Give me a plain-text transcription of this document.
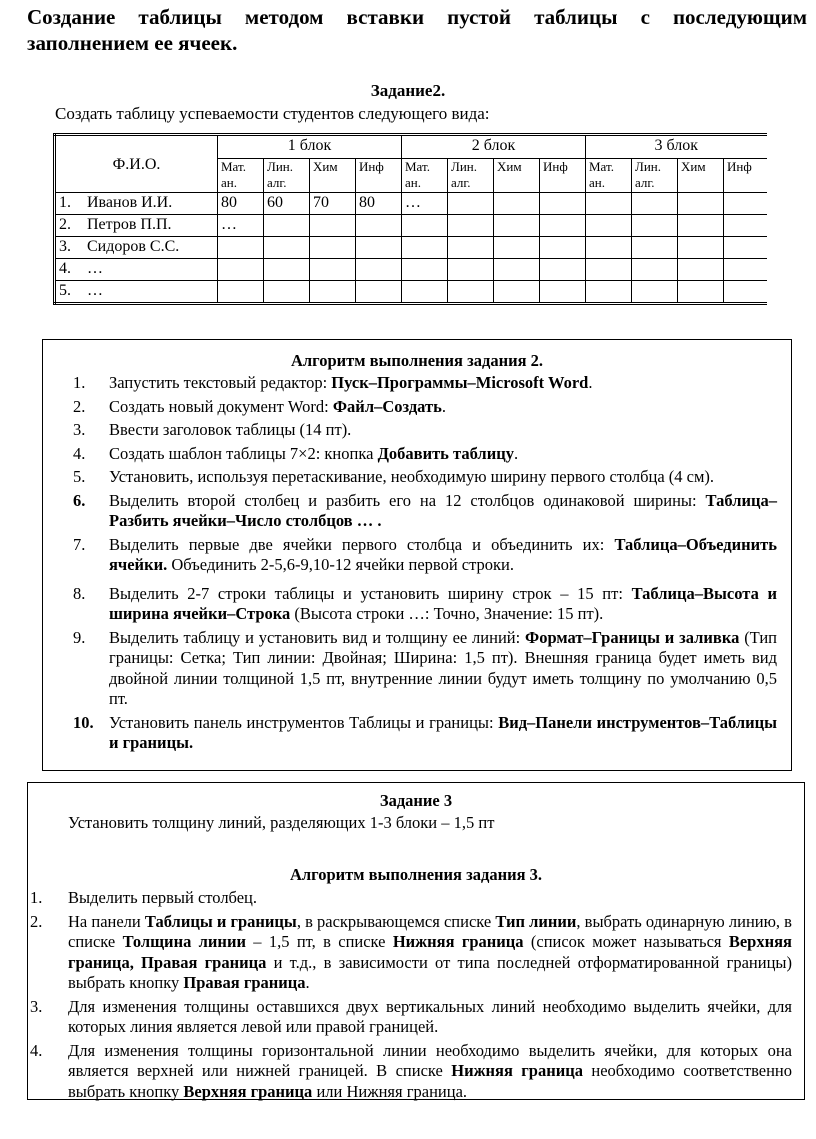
Создание таблицы методом вставки пустой таблицы с последующим заполнением ее ячеек.
Задание2.
Создать таблицу успеваемости студентов следующего вида:
Ф.И.О.	1 блок				2 блок				3 блок			
	Мат. ан.	Лин. алг.	Хим	Инф	Мат. ан.	Лин. алг.	Хим	Инф	Мат. ан.	Лин. алг.	Хим	Инф
1. Иванов И.И.	80	60	70	80	…							
2. Петров П.П.	…											
3. Сидоров С.С.												
4. …												
5. …												
Алгоритм выполнения задания 2.
1.	Запустить текстовый редактор: Пуск–Программы–Microsoft Word.
2.	Создать новый документ Word: Файл–Создать.
3.	Ввести заголовок таблицы (14 пт).
4.	Создать шаблон таблицы 7×2: кнопка Добавить таблицу.
5.	Установить, используя перетаскивание, необходимую ширину первого столбца (4 см).
6.	Выделить второй столбец и разбить его на 12 столбцов одинаковой ширины: Таблица–Разбить ячейки–Число столбцов … .
7.	Выделить первые две ячейки первого столбца и объединить их: Таблица–Объединить ячейки. Объединить 2-5,6-9,10-12 ячейки первой строки.
8.	Выделить 2-7 строки таблицы и установить ширину строк – 15 пт: Таблица–Высота и ширина ячейки–Строка (Высота строки …: Точно, Значение: 15 пт).
9.	Выделить таблицу и установить вид и толщину ее линий: Формат–Границы и заливка (Тип границы: Сетка; Тип линии: Двойная; Ширина: 1,5 пт). Внешняя граница будет иметь вид двойной линии толщиной 1,5 пт, внутренние линии будут иметь толщину по умолчанию 0,5 пт.
10. Установить панель инструментов Таблицы и границы: Вид–Панели инструментов–Таблицы и границы.
Задание 3
Установить толщину линий, разделяющих 1-3 блоки – 1,5 пт
Алгоритм выполнения задания 3.
1.	Выделить первый столбец.
2.	На панели Таблицы и границы, в раскрывающемся списке Тип линии, выбрать одинарную линию, в списке Толщина линии – 1,5 пт, в списке Нижняя граница (список может называться Верхняя граница, Правая граница и т.д., в зависимости от типа последней отформатированной границы) выбрать кнопку Правая граница.
3.	Для изменения толщины оставшихся двух вертикальных линий необходимо выделить ячейки, для которых линия является левой или правой границей.
4.	Для изменения толщины горизонтальной линии необходимо выделить ячейки, для которых она является верхней или нижней границей. В списке Нижняя граница необходимо соответственно выбрать кнопку Верхняя граница или Нижняя граница.
